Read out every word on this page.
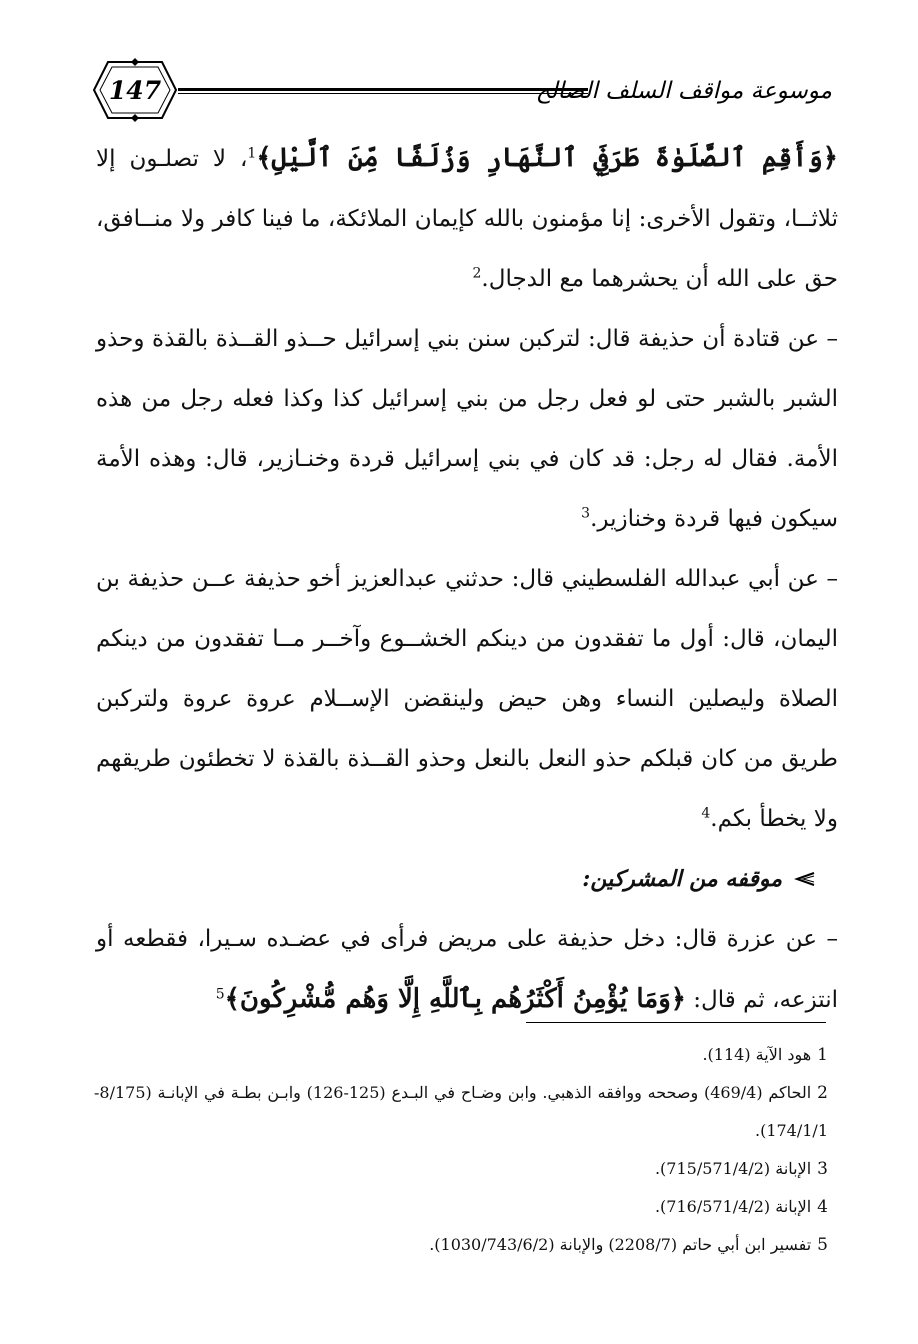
147	موسوعة مواقف السلف الصالح

﴿وَأَقِمِ ٱلصَّلَوٰةَ طَرَفَيِ ٱلنَّهَارِ وَزُلَفًا مِّنَ ٱلَّيْلِ﴾$^1$، لا تصلـون إلا ثلاثــا، وتقول الأخرى: إنا مؤمنون بالله كإيمان الملائكة، ما فينا كافر ولا منــافق، حق على الله أن يحشرهما مع الدجال.$^2$

– عن قتادة أن حذيفة قال: لتركبن سنن بني إسرائيل حــذو القــذة بالقذة وحذو الشبر بالشبر حتى لو فعل رجل من بني إسرائيل كذا وكذا فعله رجل من هذه الأمة. فقال له رجل: قد كان في بني إسرائيل قردة وخنـازير، قال: وهذه الأمة سيكون فيها قردة وخنازير.$^3$

– عن أبي عبدالله الفلسطيني قال: حدثني عبدالعزيز أخو حذيفة عــن حذيفة بن اليمان، قال: أول ما تفقدون من دينكم الخشــوع وآخــر مــا تفقدون من دينكم الصلاة وليصلين النساء وهن حيض ولينقضن الإســلام عروة عروة ولتركبن طريق من كان قبلكم حذو النعل بالنعل وحذو القــذة بالقذة لا تخطئون طريقهم ولا يخطأ بكم.$^4$

موقفه من المشركين:

– عن عزرة قال: دخل حذيفة على مريض فرأى في عضـده سـيرا، فقطعه أو انتزعه، ثم قال: ﴿وَمَا يُؤْمِنُ أَكْثَرُهُم بِٱللَّهِ إِلَّا وَهُم مُّشْرِكُونَ﴾$^5$

1هود الآية (114).

2الحاكم (469/4) وصححه ووافقه الذهبي. وابن وضـاح في البـدع (125-126) وابـن بطـة في الإبانـة (8/175-174/1/1).

3الإبانة (715/571/4/2).

4الإبانة (716/571/4/2).

5تفسير ابن أبي حاتم (2208/7) والإبانة (1030/743/6/2).
